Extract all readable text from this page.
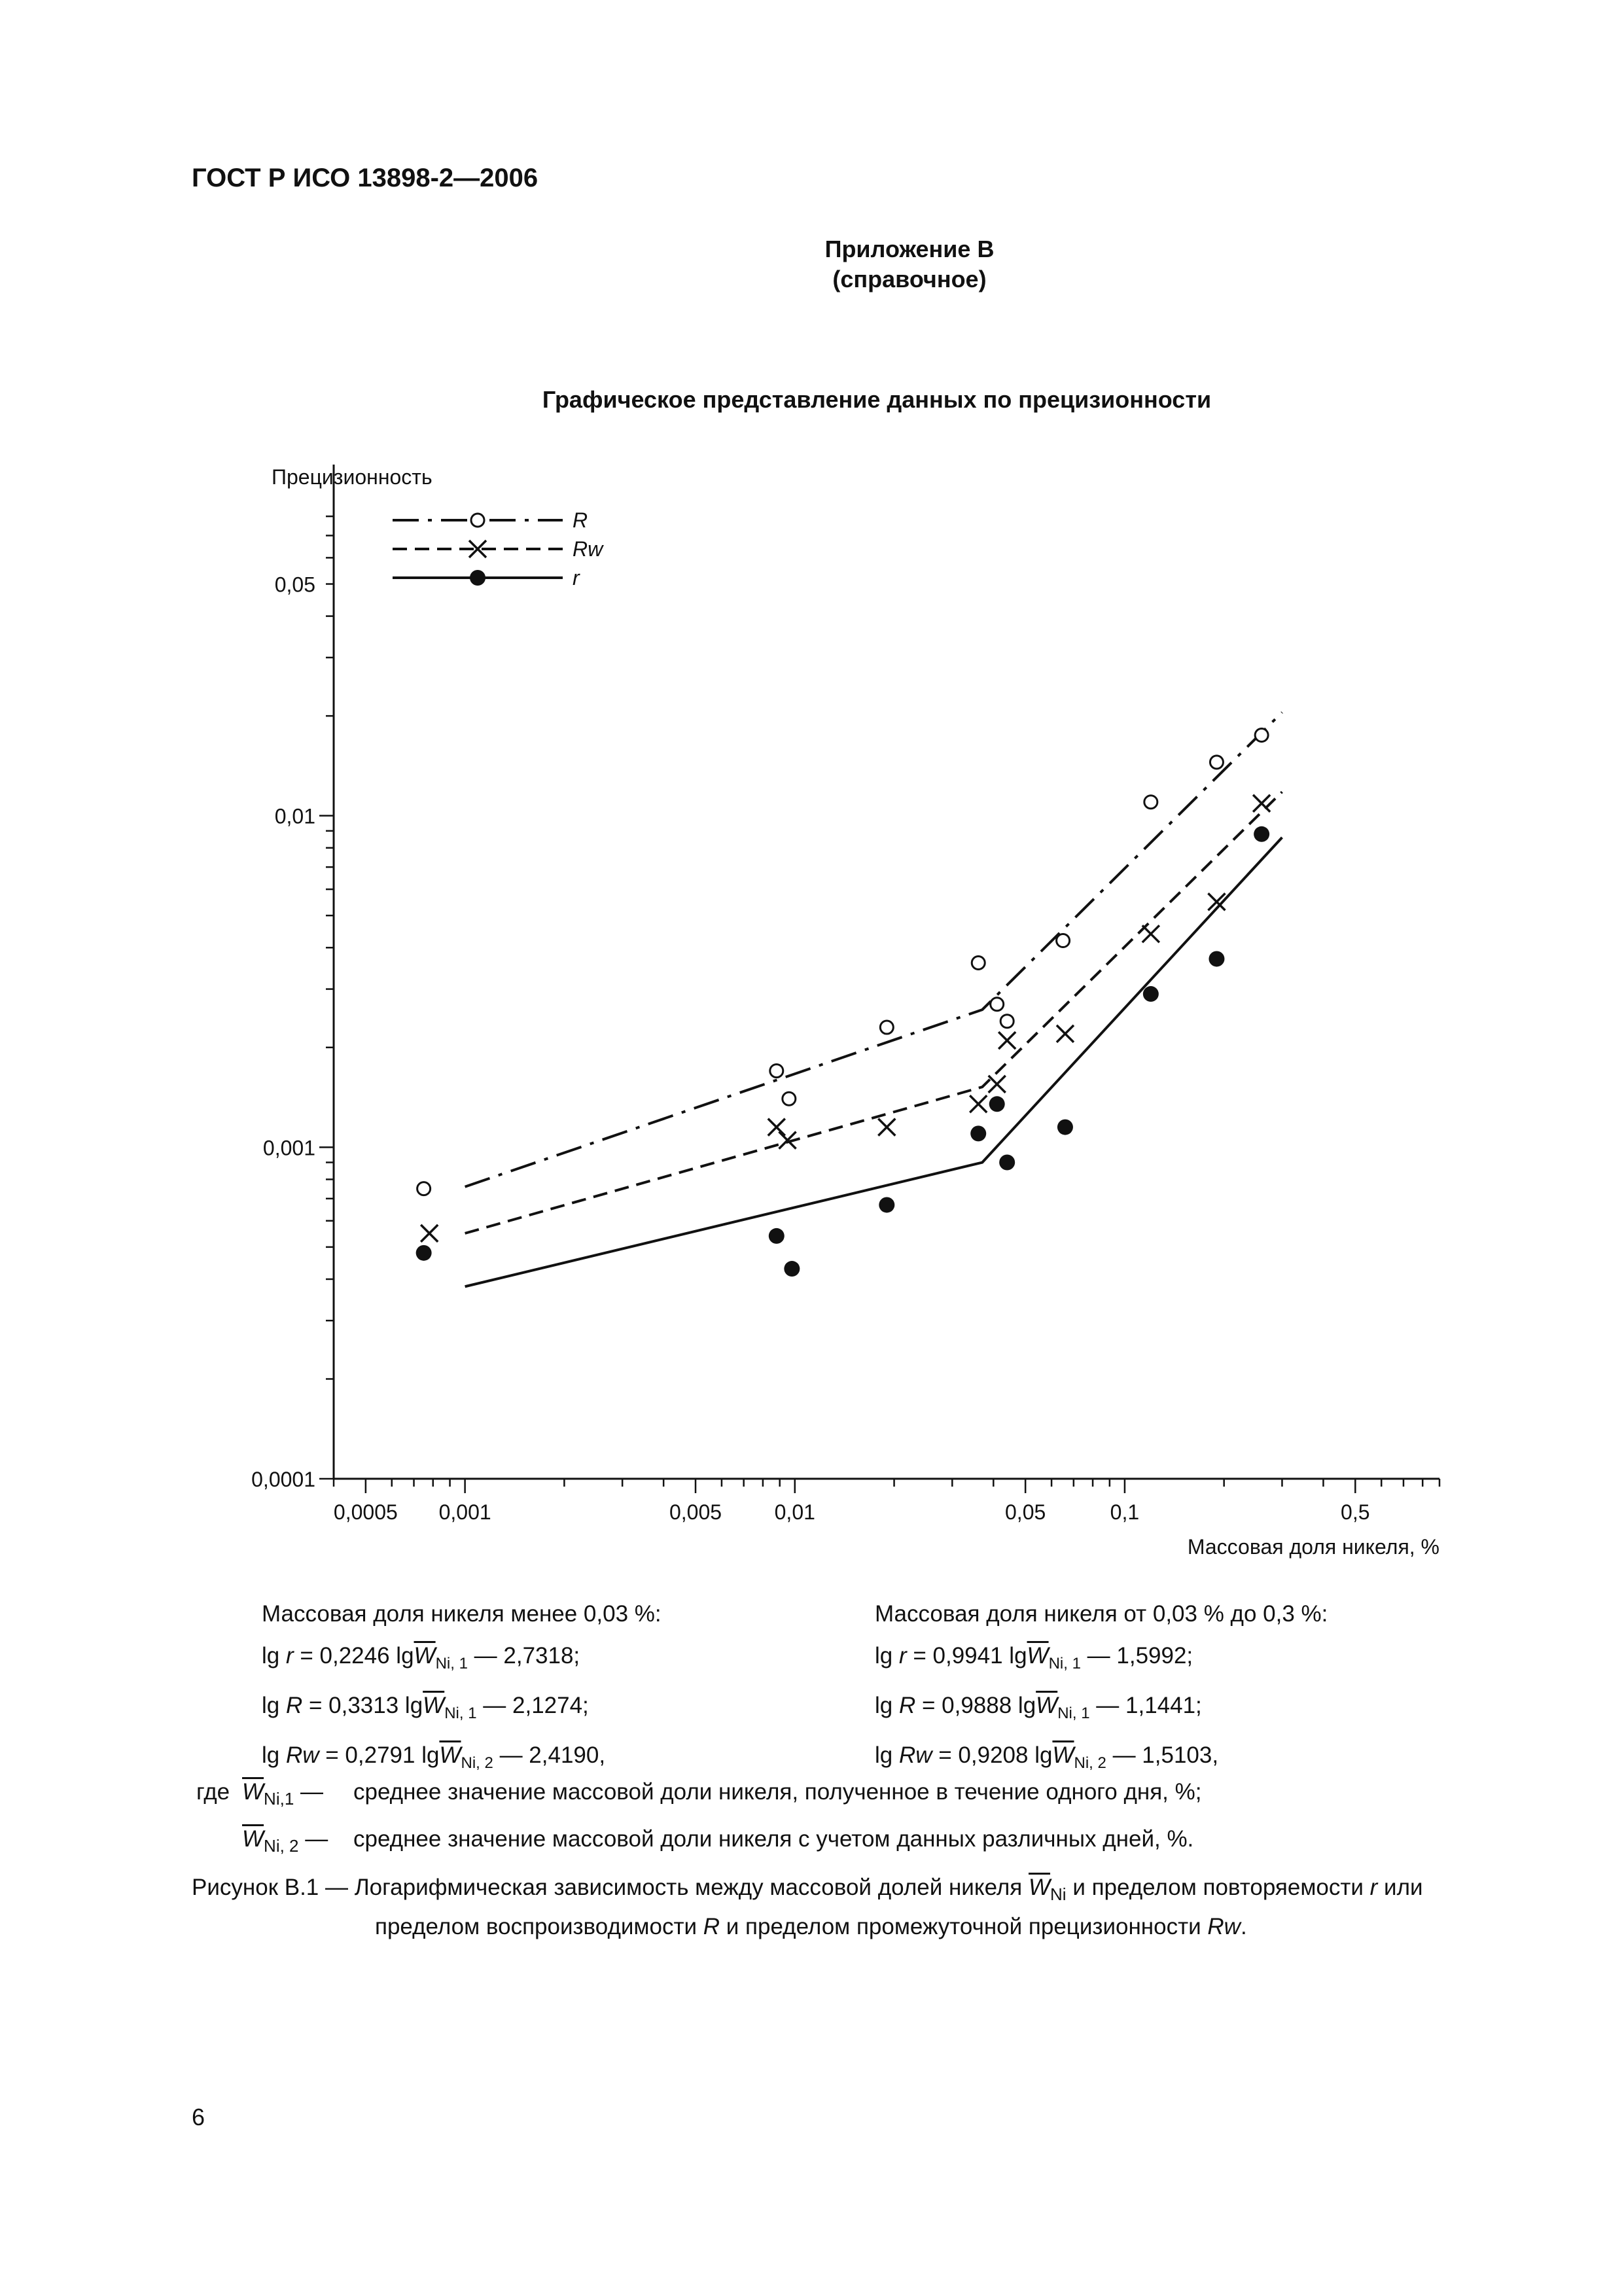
ГОСТ Р ИСО 13898-2—2006
Приложение В
(справочное)
Графическое представление данных по прецизионности
0,0001
0,001
0,01
0,05
0,0005 0,001	0,005	0,01	0,05	0,1	0,5
Прецизионность
Массовая доля никеля, %
R
Rw
r
Массовая доля никеля менее 0,03 %:
lg r = 0,2246 $\lg\overline{W}_{Ni, 1}$ — 2,7318;
lg R = 0,3313 $\lg\overline{W}_{Ni, 1}$ — 2,1274;
lg Rw = 0,2791 $\lg\overline{W}_{Ni, 2}$ — 2,4190,
Массовая доля никеля от 0,03 % до 0,3 %:
lg r = 0,9941 $\lg\overline{W}_{Ni, 1}$ — 1,5992;
lg R = 0,9888 $\lg\overline{W}_{Ni, 1}$ — 1,1441;
lg Rw = 0,9208 $\lg\overline{W}_{Ni, 2}$ — 1,5103,
где $\overline{W}_{Ni,1}$ —	среднее значение массовой доли никеля, полученное в течение одного дня, %;
$\overline{W}_{Ni, 2}$ —	среднее значение массовой доли никеля с учетом данных различных дней, %.
Рисунок В.1 — Логарифмическая зависимость между массовой долей никеля $\overline{W}_{Ni}$ и пределом повторяемости r или
пределом воспроизводимости R и пределом промежуточной прецизионности Rw.
6
